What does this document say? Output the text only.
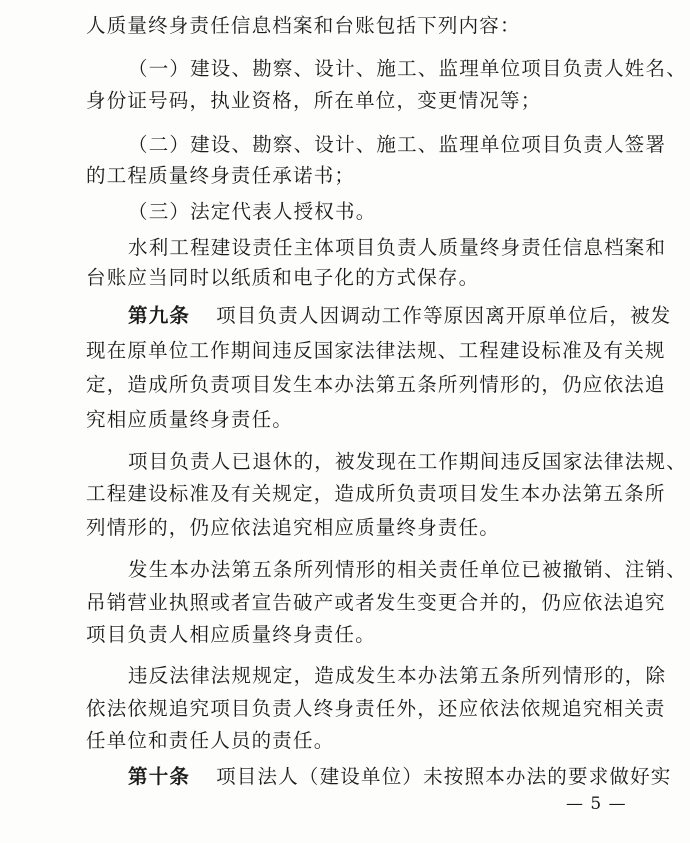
人质量终身责任信息档案和台账包括下列内容：
（一）建设、勘察、设计、施工、监理单位项目负责人姓名、
身份证号码，执业资格，所在单位，变更情况等；
（二）建设、勘察、设计、施工、监理单位项目负责人签署
的工程质量终身责任承诺书；
（三）法定代表人授权书。
水利工程建设责任主体项目负责人质量终身责任信息档案和
台账应当同时以纸质和电子化的方式保存。
第九条 项目负责人因调动工作等原因离开原单位后，被发
现在原单位工作期间违反国家法律法规、工程建设标准及有关规
定，造成所负责项目发生本办法第五条所列情形的，仍应依法追
究相应质量终身责任。
项目负责人已退休的，被发现在工作期间违反国家法律法规、
工程建设标准及有关规定，造成所负责项目发生本办法第五条所
列情形的，仍应依法追究相应质量终身责任。
发生本办法第五条所列情形的相关责任单位已被撤销、注销、
吊销营业执照或者宣告破产或者发生变更合并的，仍应依法追究
项目负责人相应质量终身责任。
违反法律法规规定，造成发生本办法第五条所列情形的，除
依法依规追究项目负责人终身责任外，还应依法依规追究相关责
任单位和责任人员的责任。
第十条 项目法人（建设单位）未按照本办法的要求做好实
— 5 —
